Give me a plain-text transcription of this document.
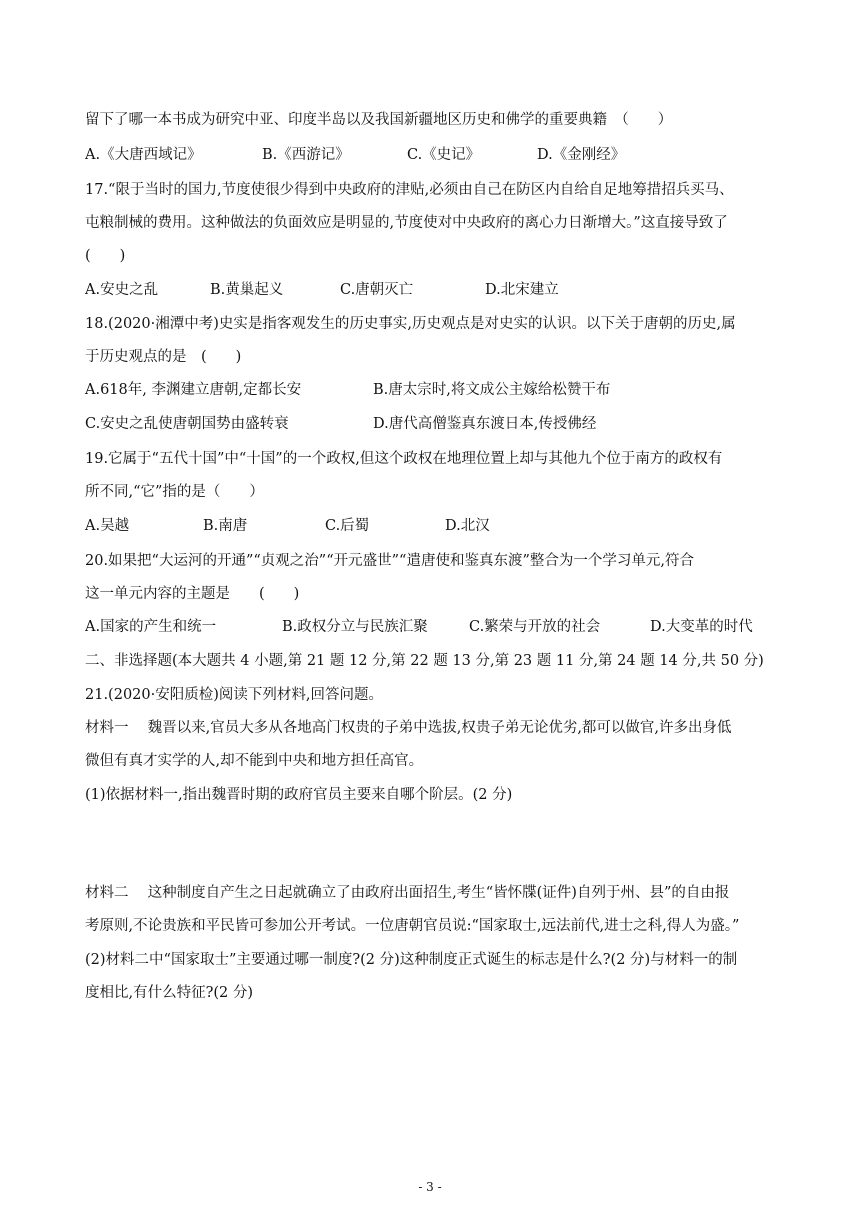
留下了哪一本书成为研究中亚、印度半岛以及我国新疆地区历史和佛学的重要典籍　（　　）
A.《大唐西域记》	B.《西游记》	C.《史记》	D.《金刚经》
17.“限于当时的国力,节度使很少得到中央政府的津贴,必须由自己在防区内自给自足地筹措招兵买马、
屯粮制械的费用。这种做法的负面效应是明显的,节度使对中央政府的离心力日渐增大。”这直接导致了
(　　)
A.安史之乱	B.黄巢起义	C.唐朝灭亡	D.北宋建立
18.(2020·湘潭中考)史实是指客观发生的历史事实,历史观点是对史实的认识。以下关于唐朝的历史,属
于历史观点的是　(　　)
A.618年, 李渊建立唐朝,定都长安	B.唐太宗时,将文成公主嫁给松赞干布
C.安史之乱使唐朝国势由盛转衰	D.唐代高僧鉴真东渡日本,传授佛经
19.它属于“五代十国”中“十国”的一个政权,但这个政权在地理位置上却与其他九个位于南方的政权有
所不同,“它”指的是（　　）
A.吴越	B.南唐	C.后蜀	D.北汉
20.如果把“大运河的开通”“贞观之治”“开元盛世”“遣唐使和鉴真东渡”整合为一个学习单元,符合
这一单元内容的主题是　　(　　)
A.国家的产生和统一	B.政权分立与民族汇聚	C.繁荣与开放的社会	D.大变革的时代
二、非选择题(本大题共 4 小题,第 21 题 12 分,第 22 题 13 分,第 23 题 11 分,第 24 题 14 分,共 50 分)
21.(2020·安阳质检)阅读下列材料,回答问题。
材料一　 魏晋以来,官员大多从各地高门权贵的子弟中选拔,权贵子弟无论优劣,都可以做官,许多出身低
微但有真才实学的人,却不能到中央和地方担任高官。
(1)依据材料一,指出魏晋时期的政府官员主要来自哪个阶层。(2 分)
材料二　 这种制度自产生之日起就确立了由政府出面招生,考生“皆怀牒(证件)自列于州、县”的自由报
考原则,不论贵族和平民皆可参加公开考试。一位唐朝官员说:“国家取士,远法前代,进士之科,得人为盛。”
(2)材料二中“国家取士”主要通过哪一制度?(2 分)这种制度正式诞生的标志是什么?(2 分)与材料一的制
度相比,有什么特征?(2 分)
- 3 -
